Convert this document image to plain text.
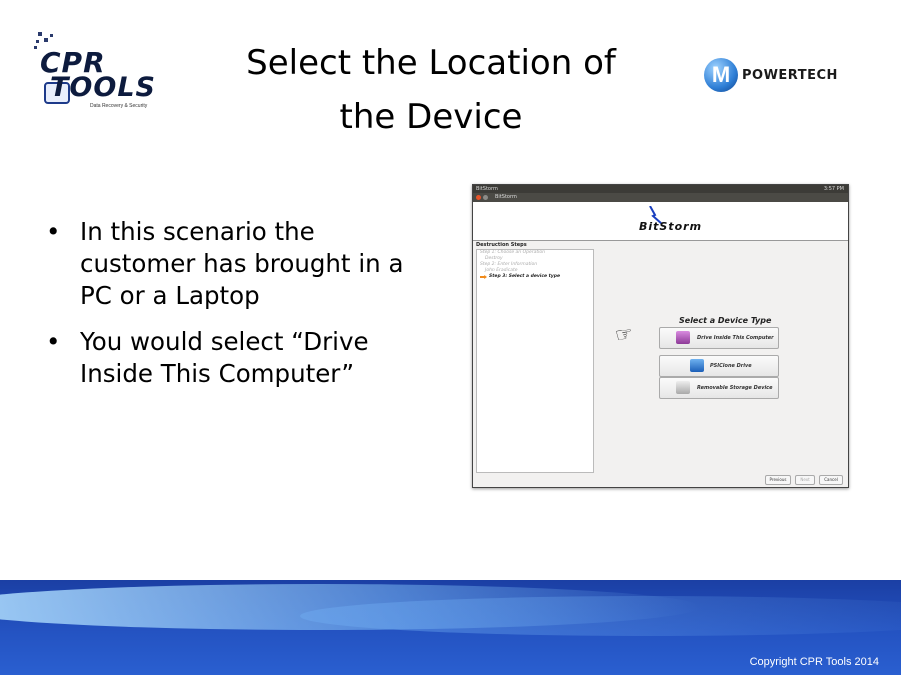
CPR
TOOLS
Data Recovery & Security
Select the Location of
the Device
M POWERTECH
• In this scenario the customer has brought in a PC or a Laptop
• You would select “Drive Inside This Computer”
BitStorm	3:57 PM
BitStorm
BitStorm
Destruction Steps
Step 1: Choose an Operation
Destroy
Step 2: Enter Information
John Eradicate
Step 3: Select a device type
Select a Device Type
☞	Drive Inside This Computer
PSIClone Drive
Removable Storage Device
Previous	Next	Cancel
Copyright CPR Tools 2014
